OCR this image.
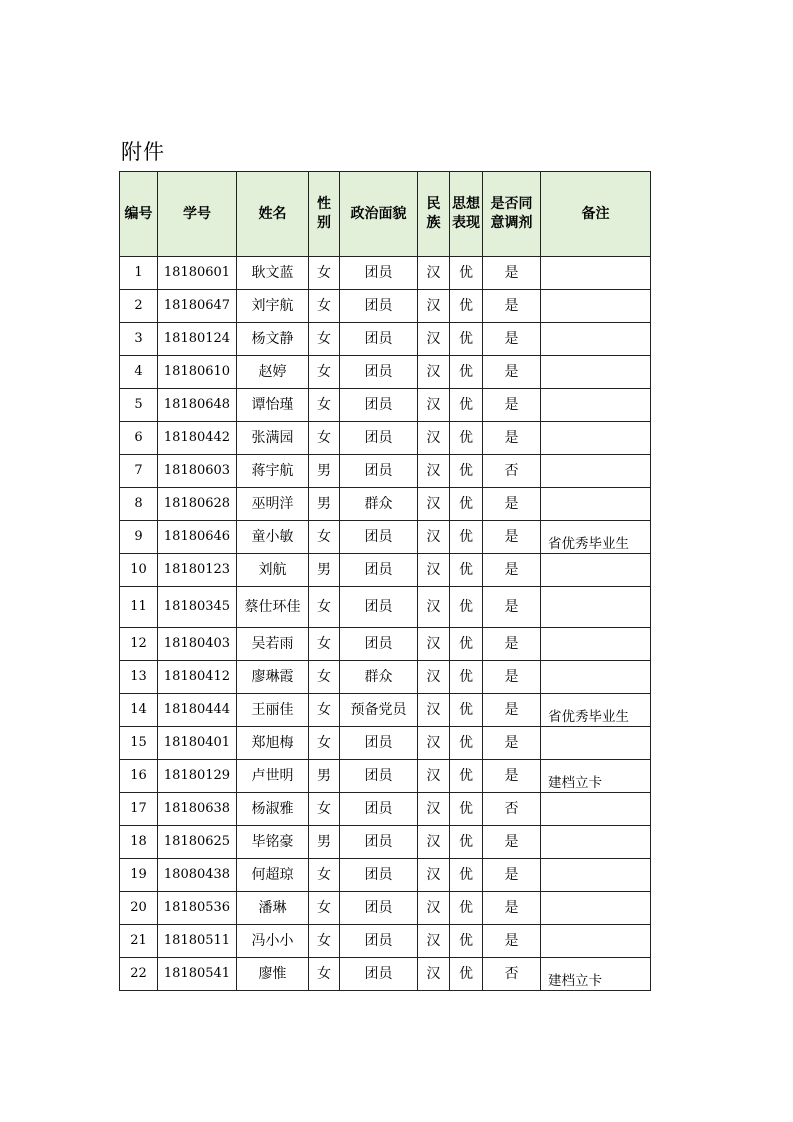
附件
编号	学号	姓名	性别	政治面貌	民族	思想表现	是否同意调剂	备注
1	18180601	耿文蓝	女	团员	汉	优	是	
2	18180647	刘宇航	女	团员	汉	优	是	
3	18180124	杨文静	女	团员	汉	优	是	
4	18180610	赵婷	女	团员	汉	优	是	
5	18180648	谭怡瑾	女	团员	汉	优	是	
6	18180442	张满园	女	团员	汉	优	是	
7	18180603	蒋宇航	男	团员	汉	优	否	
8	18180628	巫明洋	男	群众	汉	优	是	
9	18180646	童小敏	女	团员	汉	优	是	省优秀毕业生
10	18180123	刘航	男	团员	汉	优	是	
11	18180345	蔡仕环佳	女	团员	汉	优	是	
12	18180403	吴若雨	女	团员	汉	优	是	
13	18180412	廖琳霞	女	群众	汉	优	是	
14	18180444	王丽佳	女	预备党员	汉	优	是	省优秀毕业生
15	18180401	郑旭梅	女	团员	汉	优	是	
16	18180129	卢世明	男	团员	汉	优	是	建档立卡
17	18180638	杨淑雅	女	团员	汉	优	否	
18	18180625	毕铭豪	男	团员	汉	优	是	
19	18080438	何超琼	女	团员	汉	优	是	
20	18180536	潘琳	女	团员	汉	优	是	
21	18180511	冯小小	女	团员	汉	优	是	
22	18180541	廖惟	女	团员	汉	优	否	建档立卡
